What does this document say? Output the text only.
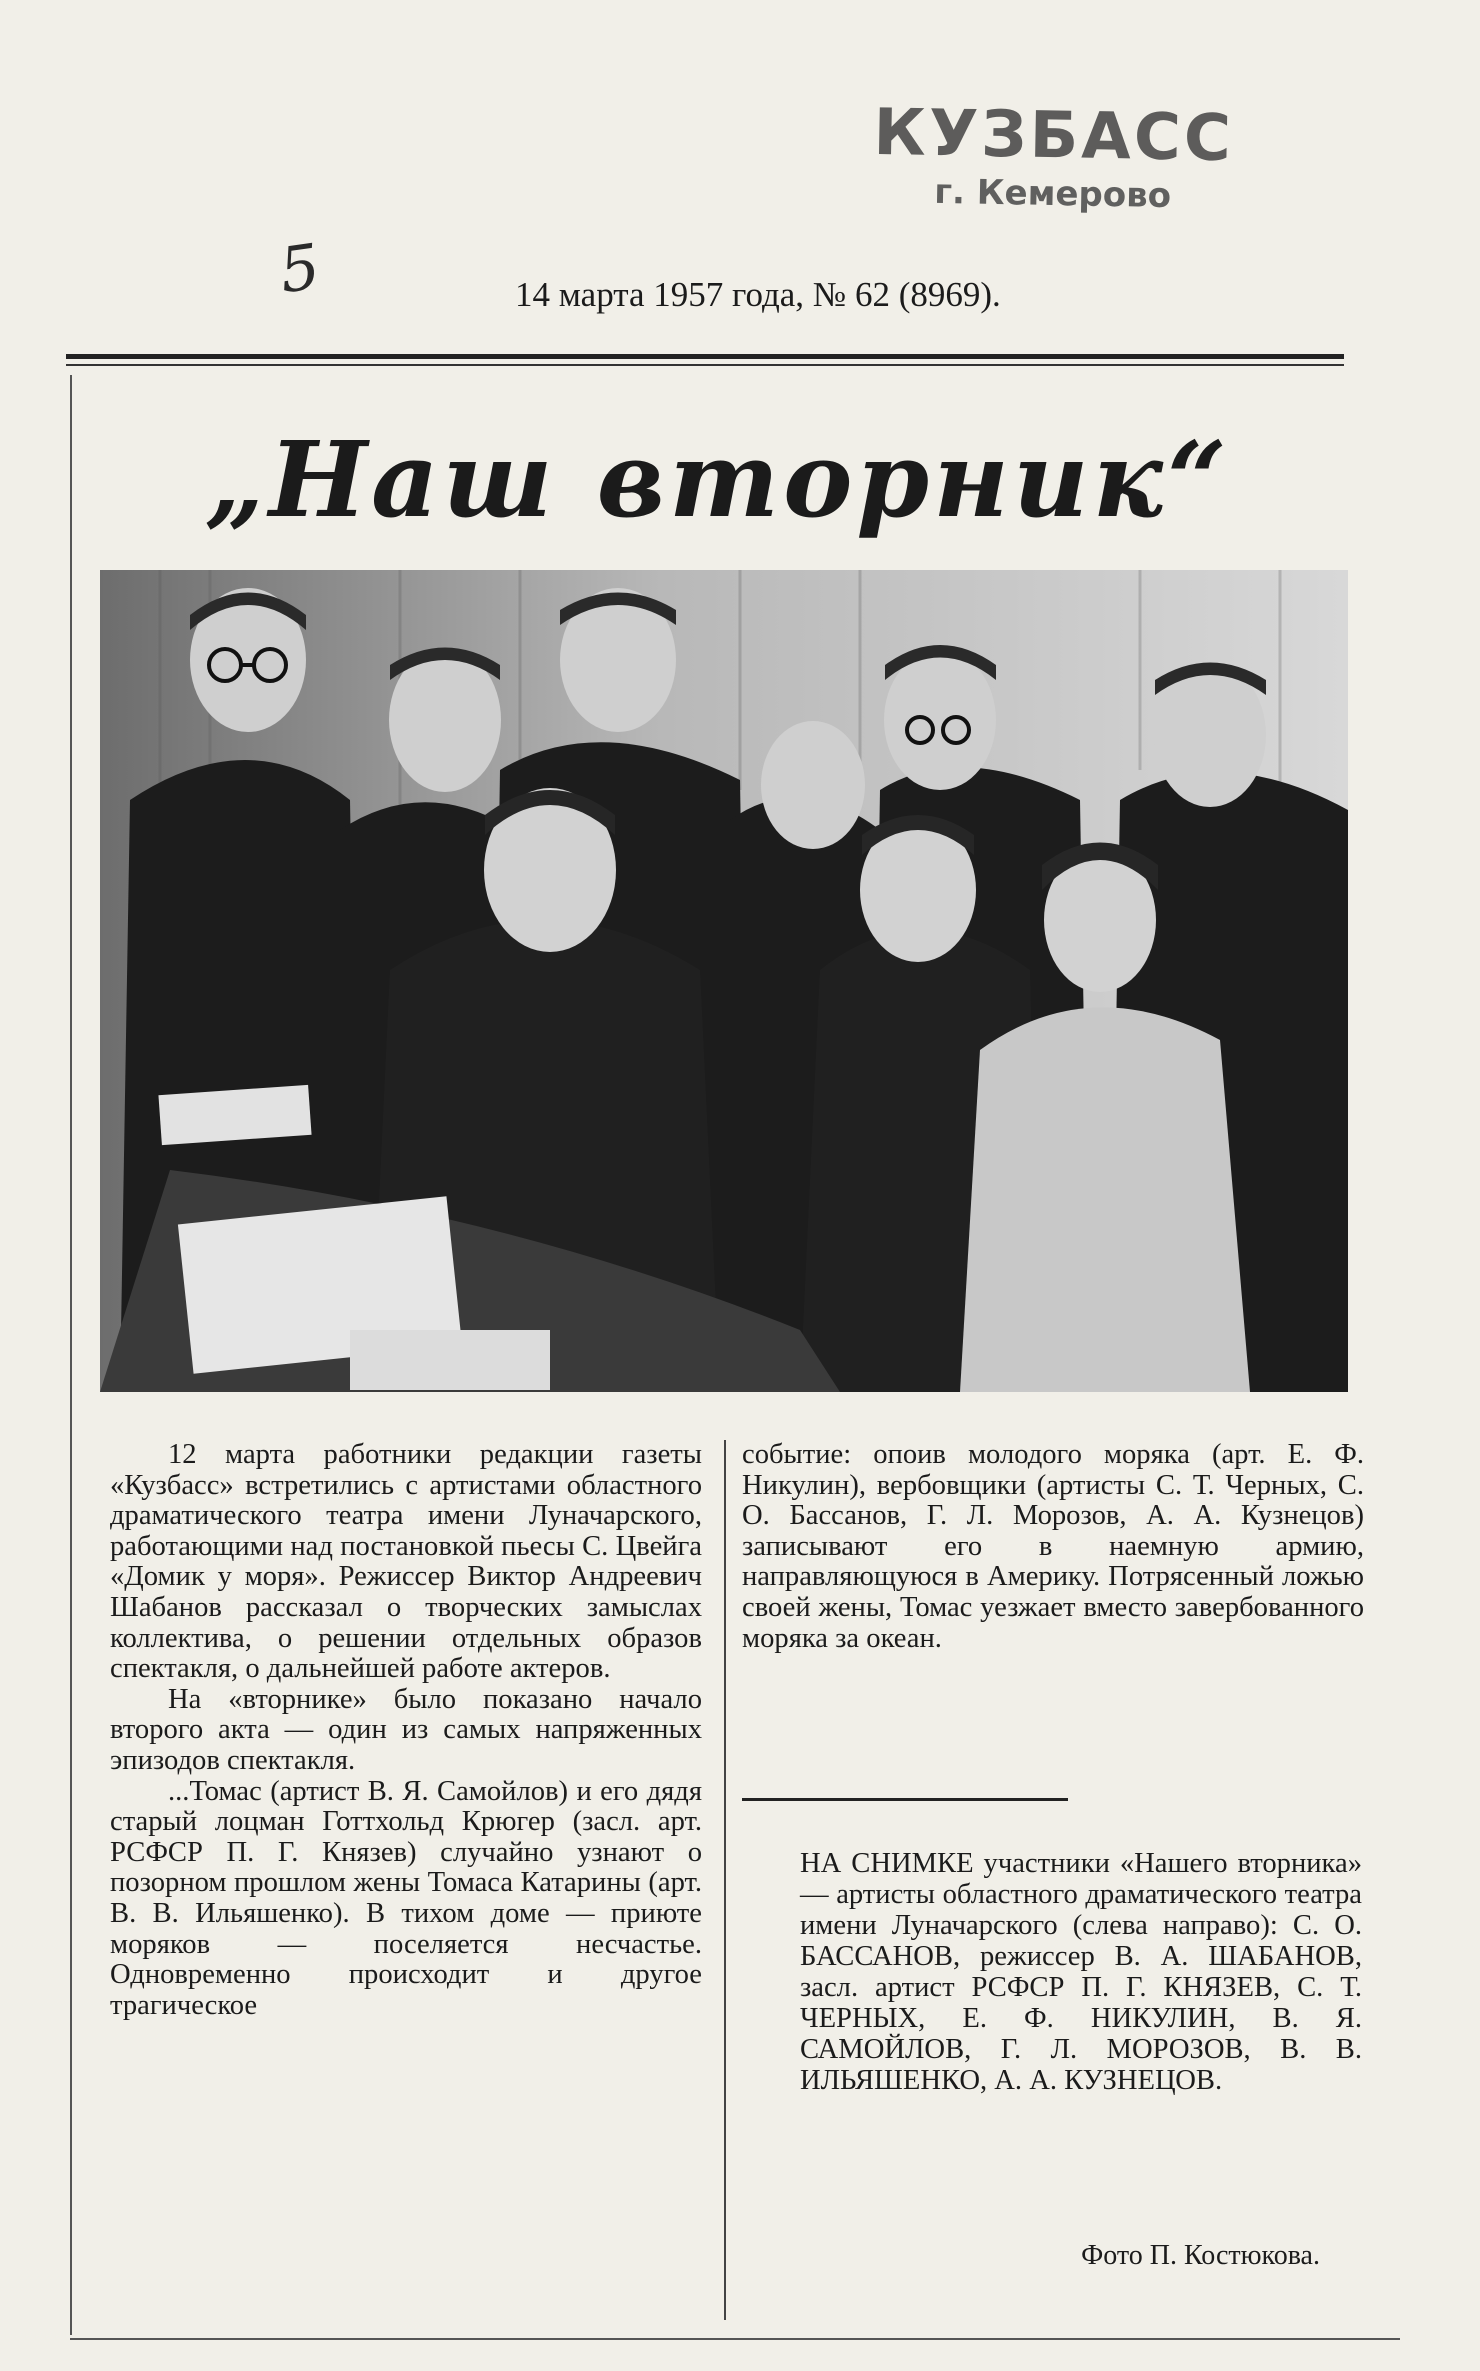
5
КУЗБАСС
г. Кемерово
14 марта 1957 года, № 62 (8969).
„Наш вторник“

12 марта работники редакции газеты «Кузбасс» встретились с артистами областного драматического театра имени Луначарского, работающими над постановкой пьесы С. Цвейга «Домик у моря». Режиссер Виктор Андреевич Шабанов рассказал о творческих замыслах коллектива, о решении отдельных образов спектакля, о дальнейшей работе актеров.

На «вторнике» было показано начало второго акта — один из самых напряженных эпизодов спектакля.

...Томас (артист В. Я. Самойлов) и его дядя старый лоцман Готтхольд Крюгер (засл. арт. РСФСР П. Г. Князев) случайно узнают о позорном прошлом жены Томаса Катарины (арт. В. В. Ильяшенко). В тихом доме — приюте моряков — поселяется несчастье. Одновременно происходит и другое трагическое

событие: опоив молодого моряка (арт. Е. Ф. Никулин), вербовщики (артисты С. Т. Черных, С. О. Бассанов, Г. Л. Морозов, А. А. Кузнецов) записывают его в наемную армию, направляющуюся в Америку. Потрясенный ложью своей жены, Томас уезжает вместо завербованного моряка за океан.

НА СНИМКЕ участники «Нашего вторника» — артисты областного драматического театра имени Луначарского (слева направо): С. О. БАССАНОВ, режиссер В. А. ШАБАНОВ, засл. артист РСФСР П. Г. КНЯЗЕВ, С. Т. ЧЕРНЫХ, Е. Ф. НИКУЛИН, В. Я. САМОЙЛОВ, Г. Л. МОРОЗОВ, В. В. ИЛЬЯШЕНКО, А. А. КУЗНЕЦОВ.

Фото П. Костюкова.
